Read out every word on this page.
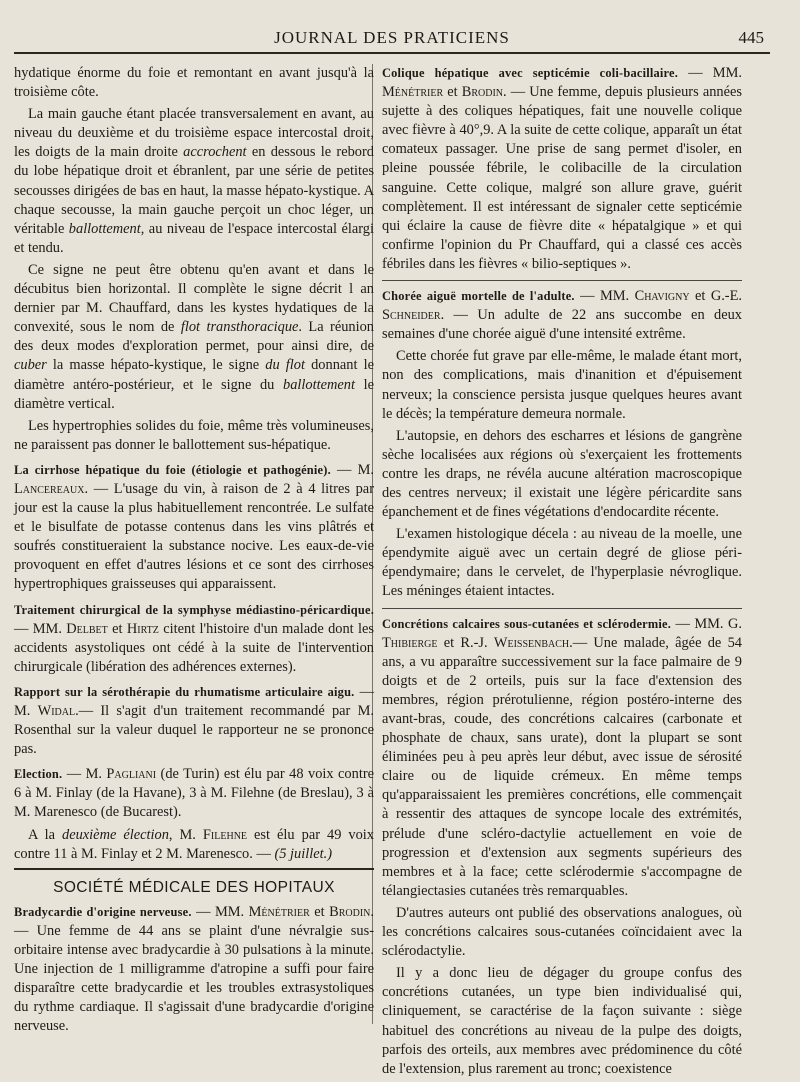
JOURNAL DES PRATICIENS	445

hydatique énorme du foie et remontant en avant jusqu'à la troisième côte.

La main gauche étant placée transversalement en avant, au niveau du deuxième et du troisième espace intercostal droit, les doigts de la main droite accrochent en dessous le rebord du lobe hépatique droit et ébranlent, par une série de petites secousses dirigées de bas en haut, la masse hépato-kystique. A chaque secousse, la main gauche perçoit un choc léger, un véritable ballottement, au niveau de l'espace intercostal élargi et tendu.

Ce signe ne peut être obtenu qu'en avant et dans le décubitus bien horizontal. Il complète le signe décrit l an dernier par M. Chauffard, dans les kystes hydatiques de la convexité, sous le nom de flot transthoracique. La réunion des deux modes d'exploration permet, pour ainsi dire, de cuber la masse hépato-kystique, le signe du flot donnant le diamètre antéro-postérieur, et le signe du ballottement le diamètre vertical.

Les hypertrophies solides du foie, même très volumineuses, ne paraissent pas donner le ballottement sus-hépatique.

La cirrhose hépatique du foie (étiologie et pathogénie). — M. Lancereaux. — L'usage du vin, à raison de 2 à 4 litres par jour est la cause la plus habituellement rencontrée. Le sulfate et le bisulfate de potasse contenus dans les vins plâtrés et soufrés constitueraient la substance nocive. Les eaux-de-vie provoquent en effet d'autres lésions et ce sont des cirrhoses hypertrophiques graisseuses qui apparaissent.

Traitement chirurgical de la symphyse médiastino-péricardique. — MM. Delbet et Hirtz citent l'histoire d'un malade dont les accidents asystoliques ont cédé à la suite de l'intervention chirurgicale (libération des adhérences externes).

Rapport sur la sérothérapie du rhumatisme articulaire aigu. — M. Widal.— Il s'agit d'un traitement recommandé par M. Rosenthal sur la valeur duquel le rapporteur ne se prononce pas.

Election. — M. Pagliani (de Turin) est élu par 48 voix contre 6 à M. Finlay (de la Havane), 3 à M. Filehne (de Breslau), 3 à M. Marenesco (de Bucarest).

A la deuxième élection, M. Filehne est élu par 49 voix contre 11 à M. Finlay et 2 M. Marenesco. — (5 juillet.)

SOCIÉTÉ MÉDICALE DES HOPITAUX

Bradycardie d'origine nerveuse. — MM. Ménétrier et Brodin. — Une femme de 44 ans se plaint d'une névralgie sus-orbitaire intense avec bradycardie à 30 pulsations à la minute. Une injection de 1 milligramme d'atropine a suffi pour faire disparaître cette bradycardie et les troubles extrasystoliques du rythme cardiaque. Il s'agissait d'une bradycardie d'origine nerveuse.

Colique hépatique avec septicémie coli-bacillaire. — MM. Ménétrier et Brodin. — Une femme, depuis plusieurs années sujette à des coliques hépatiques, fait une nouvelle colique avec fièvre à 40°,9. A la suite de cette colique, apparaît un état comateux passager. Une prise de sang permet d'isoler, en pleine poussée fébrile, le colibacille de la circulation sanguine. Cette colique, malgré son allure grave, guérit complètement. Il est intéressant de signaler cette septicémie qui éclaire la cause de fièvre dite « hépatalgique » et qui confirme l'opinion du Pr Chauffard, qui a classé ces accès fébriles dans les fièvres « bilio-septiques ».

Chorée aiguë mortelle de l'adulte. — MM. Chavigny et G.-E. Schneider. — Un adulte de 22 ans succombe en deux semaines d'une chorée aiguë d'une intensité extrême.

Cette chorée fut grave par elle-même, le malade étant mort, non des complications, mais d'inanition et d'épuisement nerveux; la conscience persista jusque quelques heures avant le décès; la température demeura normale.

L'autopsie, en dehors des escharres et lésions de gangrène sèche localisées aux régions où s'exerçaient les frottements contre les draps, ne révéla aucune altération macroscopique des centres nerveux; il existait une légère péricardite sans épanchement et de fines végétations d'endocardite récente.

L'examen histologique décela : au niveau de la moelle, une épendymite aiguë avec un certain degré de gliose péri-épendymaire; dans le cervelet, de l'hyperplasie névroglique. Les méninges étaient intactes.

Concrétions calcaires sous-cutanées et sclérodermie. — MM. G. Thibierge et R.-J. Weissenbach.— Une malade, âgée de 54 ans, a vu apparaître successivement sur la face palmaire de 9 doigts et de 2 orteils, puis sur la face d'extension des membres, région prérotulienne, région postéro-interne des avant-bras, coude, des concrétions calcaires (carbonate et phosphate de chaux, sans urate), dont la plupart se sont éliminées peu à peu après leur début, avec issue de sérosité claire ou de liquide crémeux. En même temps qu'apparaissaient les premières concrétions, elle commençait à ressentir des attaques de syncope locale des extrémités, prélude d'une scléro-dactylie actuellement en voie de progression et d'extension aux segments supérieurs des membres et à la face; cette sclérodermie s'accompagne de télangiectasies cutanées très remarquables.

D'autres auteurs ont publié des observations analogues, où les concrétions calcaires sous-cutanées coïncidaient avec la sclérodactylie.

Il y a donc lieu de dégager du groupe confus des concrétions cutanées, un type bien individualisé qui, cliniquement, se caractérise de la façon suivante : siège habituel des concrétions au niveau de la pulpe des doigts, parfois des orteils, aux membres avec prédominence du côté de l'extension, plus rarement au tronc; coexistence
